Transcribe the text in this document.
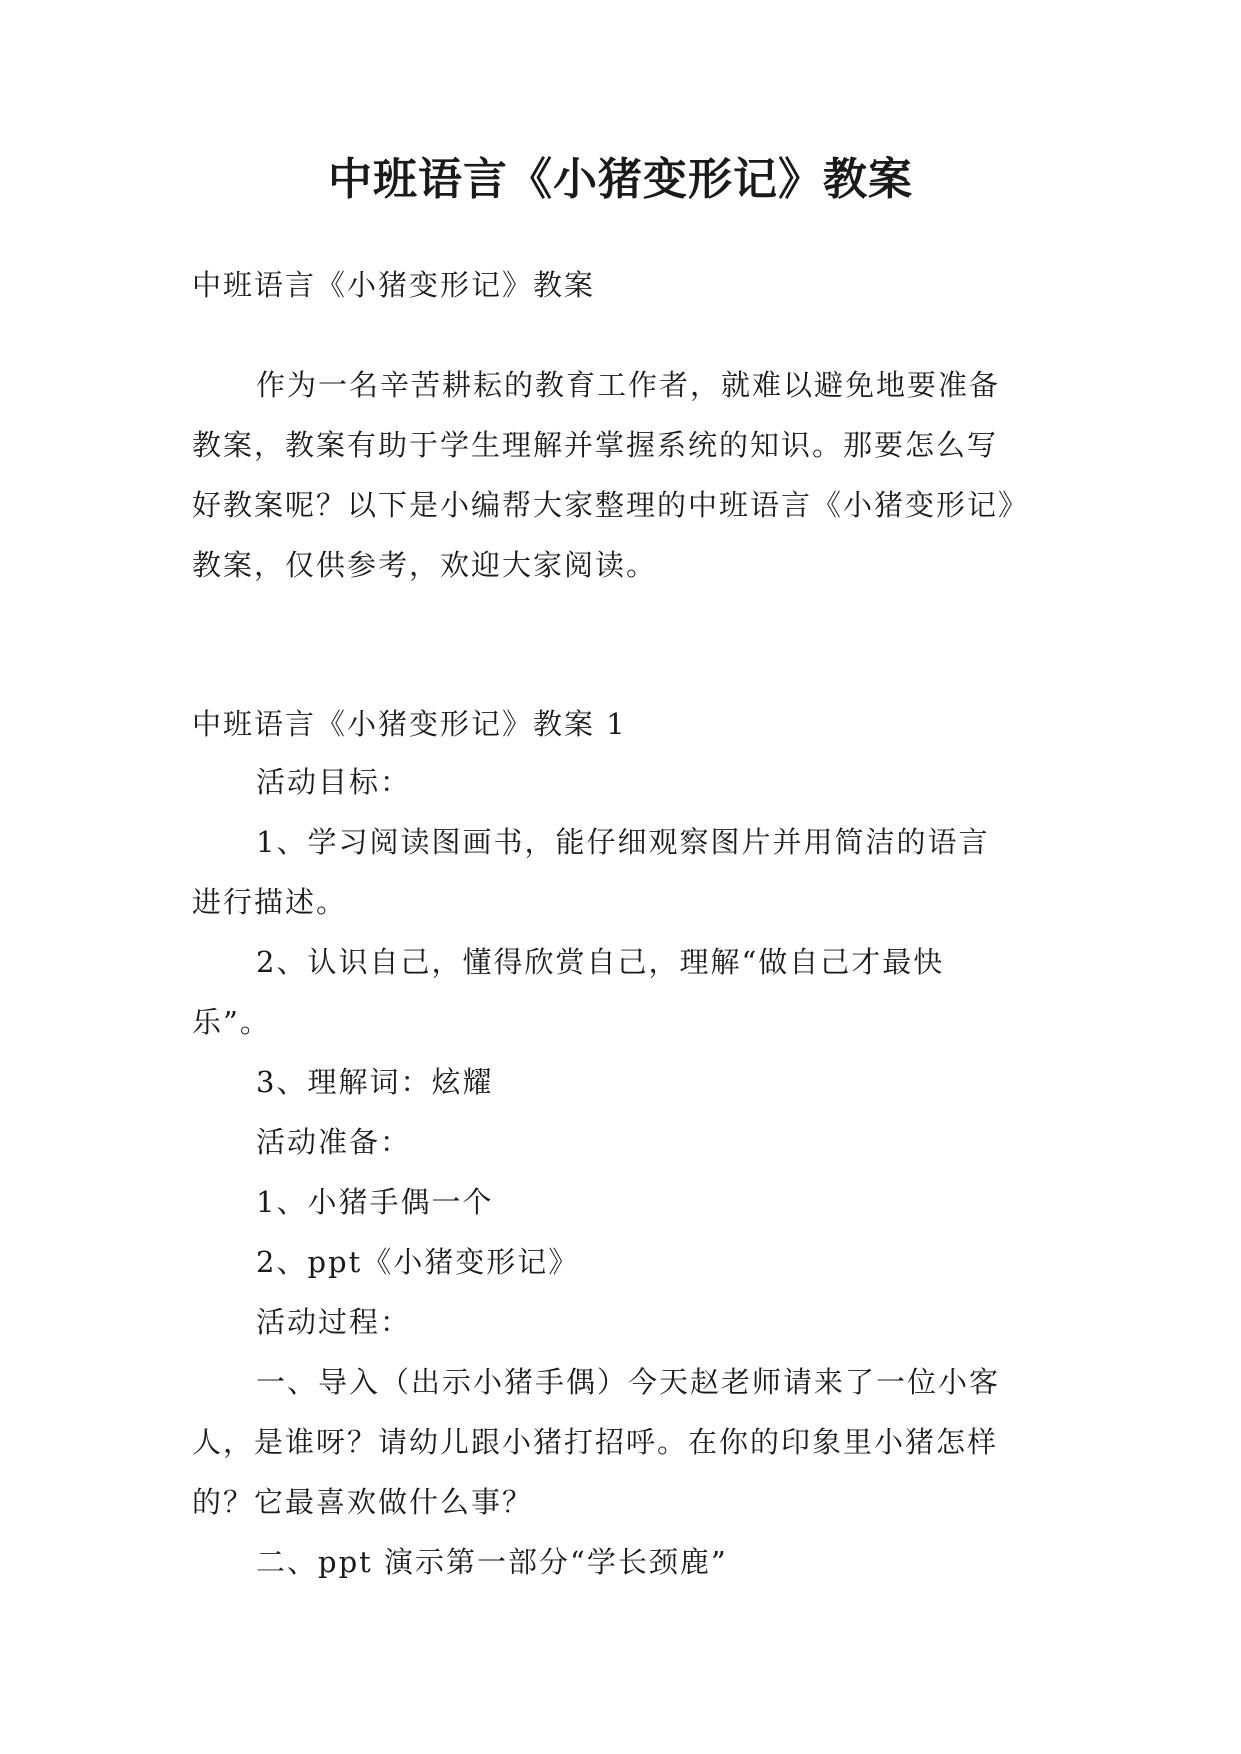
中班语言《小猪变形记》教案

中班语言《小猪变形记》教案

作为一名辛苦耕耘的教育工作者，就难以避免地要准备
教案，教案有助于学生理解并掌握系统的知识。那要怎么写
好教案呢？以下是小编帮大家整理的中班语言《小猪变形记》
教案，仅供参考，欢迎大家阅读。

中班语言《小猪变形记》教案 1

活动目标：
1、学习阅读图画书，能仔细观察图片并用简洁的语言
进行描述。
2、认识自己，懂得欣赏自己，理解“做自己才最快
乐”。
3、理解词：炫耀
活动准备：
1、小猪手偶一个
2、ppt《小猪变形记》
活动过程：
一、导入（出示小猪手偶）今天赵老师请来了一位小客
人，是谁呀？请幼儿跟小猪打招呼。在你的印象里小猪怎样
的？它最喜欢做什么事？
二、ppt 演示第一部分“学长颈鹿”
